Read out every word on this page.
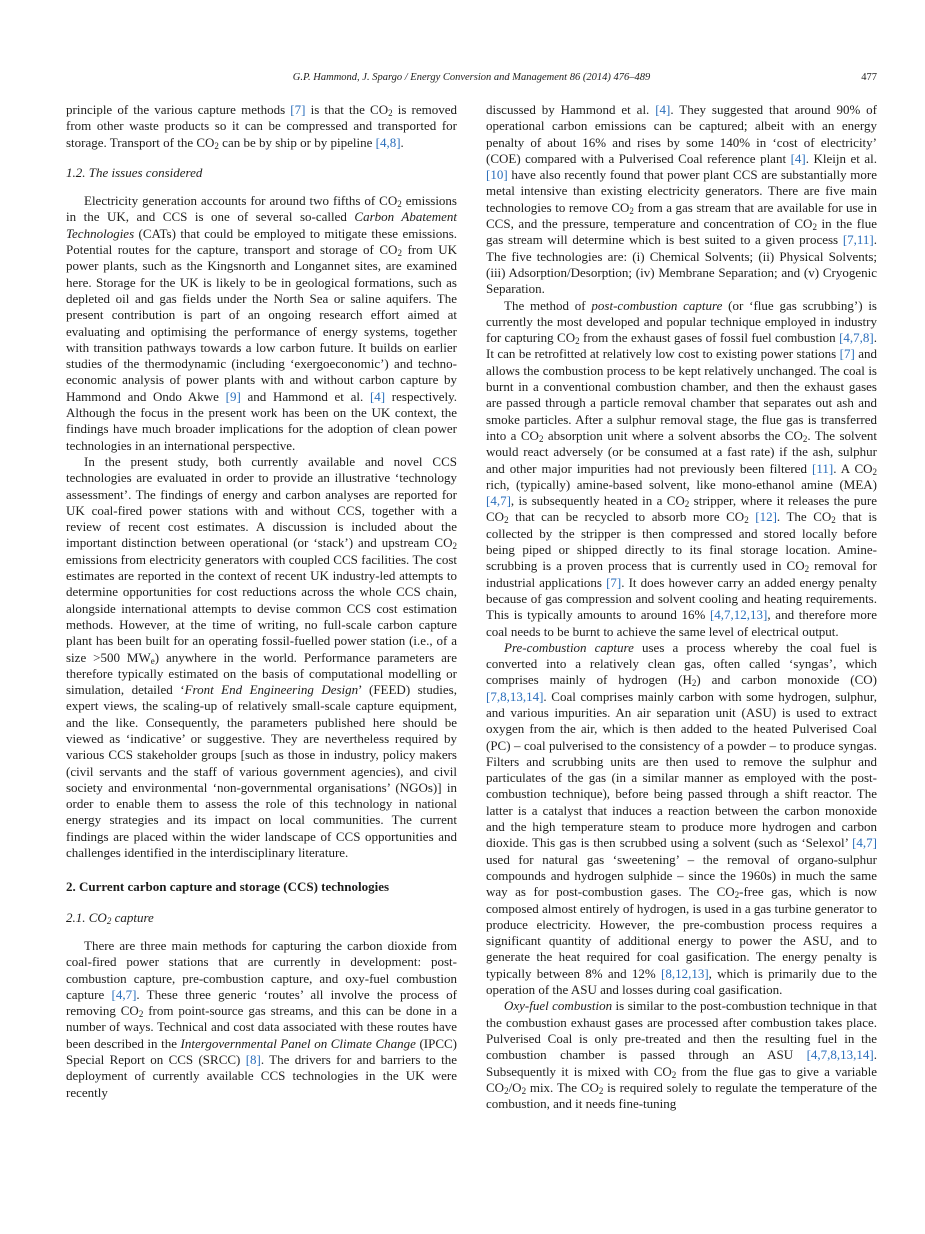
G.P. Hammond, J. Spargo / Energy Conversion and Management 86 (2014) 476–489	477

principle of the various capture methods [7] is that the $CO_2$ is removed from other waste products so it can be compressed and transported for storage. Transport of the $CO_2$ can be by ship or by pipeline [4,8].

1.2. The issues considered

Electricity generation accounts for around two fifths of $CO_2$ emissions in the UK, and CCS is one of several so-called Carbon Abatement Technologies (CATs) that could be employed to mitigate these emissions. Potential routes for the capture, transport and storage of $CO_2$ from UK power plants, such as the Kingsnorth and Longannet sites, are examined here. Storage for the UK is likely to be in geological formations, such as depleted oil and gas fields under the North Sea or saline aquifers. The present contribution is part of an ongoing research effort aimed at evaluating and optimising the performance of energy systems, together with transition pathways towards a low carbon future. It builds on earlier studies of the thermodynamic (including ‘exergoeconomic’) and techno-economic analysis of power plants with and without carbon capture by Hammond and Ondo Akwe [9] and Hammond et al. [4] respectively. Although the focus in the present work has been on the UK context, the findings have much broader implications for the adoption of clean power technologies in an international perspective.

In the present study, both currently available and novel CCS technologies are evaluated in order to provide an illustrative ‘technology assessment’. The findings of energy and carbon analyses are reported for UK coal-fired power stations with and without CCS, together with a review of recent cost estimates. A discussion is included about the important distinction between operational (or ‘stack’) and upstream $CO_2$ emissions from electricity generators with coupled CCS facilities. The cost estimates are reported in the context of recent UK industry-led attempts to determine opportunities for cost reductions across the whole CCS chain, alongside international attempts to devise common CCS cost estimation methods. However, at the time of writing, no full-scale carbon capture plant has been built for an operating fossil-fuelled power station (i.e., of a size >500 $MW_e$) anywhere in the world. Performance parameters are therefore typically estimated on the basis of computational modelling or simulation, detailed ‘Front End Engineering Design’ (FEED) studies, expert views, the scaling-up of relatively small-scale capture equipment, and the like. Consequently, the parameters published here should be viewed as ‘indicative’ or suggestive. They are nevertheless required by various CCS stakeholder groups [such as those in industry, policy makers (civil servants and the staff of various government agencies), and civil society and environmental ‘non-governmental organisations’ (NGOs)] in order to enable them to assess the role of this technology in national energy strategies and its impact on local communities. The current findings are placed within the wider landscape of CCS opportunities and challenges identified in the interdisciplinary literature.

2. Current carbon capture and storage (CCS) technologies
2.1. $CO_2$ capture

There are three main methods for capturing the carbon dioxide from coal-fired power stations that are currently in development: post-combustion capture, pre-combustion capture, and oxy-fuel combustion capture [4,7]. These three generic ‘routes’ all involve the process of removing $CO_2$ from point-source gas streams, and this can be done in a number of ways. Technical and cost data associated with these routes have been described in the Intergovernmental Panel on Climate Change (IPCC) Special Report on CCS (SRCC) [8]. The drivers for and barriers to the deployment of currently available CCS technologies in the UK were recently

discussed by Hammond et al. [4]. They suggested that around 90% of operational carbon emissions can be captured; albeit with an energy penalty of about 16% and rises by some 140% in ‘cost of electricity’ (COE) compared with a Pulverised Coal reference plant [4]. Kleijn et al. [10] have also recently found that power plant CCS are substantially more metal intensive than existing electricity generators. There are five main technologies to remove $CO_2$ from a gas stream that are available for use in CCS, and the pressure, temperature and concentration of $CO_2$ in the flue gas stream will determine which is best suited to a given process [7,11]. The five technologies are: (i) Chemical Solvents; (ii) Physical Solvents; (iii) Adsorption/Desorption; (iv) Membrane Separation; and (v) Cryogenic Separation.

The method of post-combustion capture (or ‘flue gas scrubbing’) is currently the most developed and popular technique employed in industry for capturing $CO_2$ from the exhaust gases of fossil fuel combustion [4,7,8]. It can be retrofitted at relatively low cost to existing power stations [7] and allows the combustion process to be kept relatively unchanged. The coal is burnt in a conventional combustion chamber, and then the exhaust gases are passed through a particle removal chamber that separates out ash and smoke particles. After a sulphur removal stage, the flue gas is transferred into a $CO_2$ absorption unit where a solvent absorbs the $CO_2$. The solvent would react adversely (or be consumed at a fast rate) if the ash, sulphur and other major impurities had not previously been filtered [11]. A $CO_2$ rich, (typically) amine-based solvent, like mono-ethanol amine (MEA) [4,7], is subsequently heated in a $CO_2$ stripper, where it releases the pure $CO_2$ that can be recycled to absorb more $CO_2$ [12]. The $CO_2$ that is collected by the stripper is then compressed and stored locally before being piped or shipped directly to its final storage location. Amine-scrubbing is a proven process that is currently used in $CO_2$ removal for industrial applications [7]. It does however carry an added energy penalty because of gas compression and solvent cooling and heating requirements. This is typically amounts to around 16% [4,7,12,13], and therefore more coal needs to be burnt to achieve the same level of electrical output.

Pre-combustion capture uses a process whereby the coal fuel is converted into a relatively clean gas, often called ‘syngas’, which comprises mainly of hydrogen $(H_2)$ and carbon monoxide (CO) [7,8,13,14]. Coal comprises mainly carbon with some hydrogen, sulphur, and various impurities. An air separation unit (ASU) is used to extract oxygen from the air, which is then added to the heated Pulverised Coal (PC) – coal pulverised to the consistency of a powder – to produce syngas. Filters and scrubbing units are then used to remove the sulphur and particulates of the gas (in a similar manner as employed with the post-combustion technique), before being passed through a shift reactor. The latter is a catalyst that induces a reaction between the carbon monoxide and the high temperature steam to produce more hydrogen and carbon dioxide. This gas is then scrubbed using a solvent (such as ‘Selexol’ [4,7] used for natural gas ‘sweetening’ – the removal of organo-sulphur compounds and hydrogen sulphide – since the 1960s) in much the same way as for post-combustion gases. The $CO_2$-free gas, which is now composed almost entirely of hydrogen, is used in a gas turbine generator to produce electricity. However, the pre-combustion process requires a significant quantity of additional energy to power the ASU, and to generate the heat required for coal gasification. The energy penalty is typically between 8% and 12% [8,12,13], which is primarily due to the operation of the ASU and losses during coal gasification.

Oxy-fuel combustion is similar to the post-combustion technique in that the combustion exhaust gases are processed after combustion takes place. Pulverised Coal is only pre-treated and then the resulting fuel in the combustion chamber is passed through an ASU [4,7,8,13,14]. Subsequently it is mixed with $CO_2$ from the flue gas to give a variable $CO_2/O_2$ mix. The $CO_2$ is required solely to regulate the temperature of the combustion, and it needs fine-tuning
